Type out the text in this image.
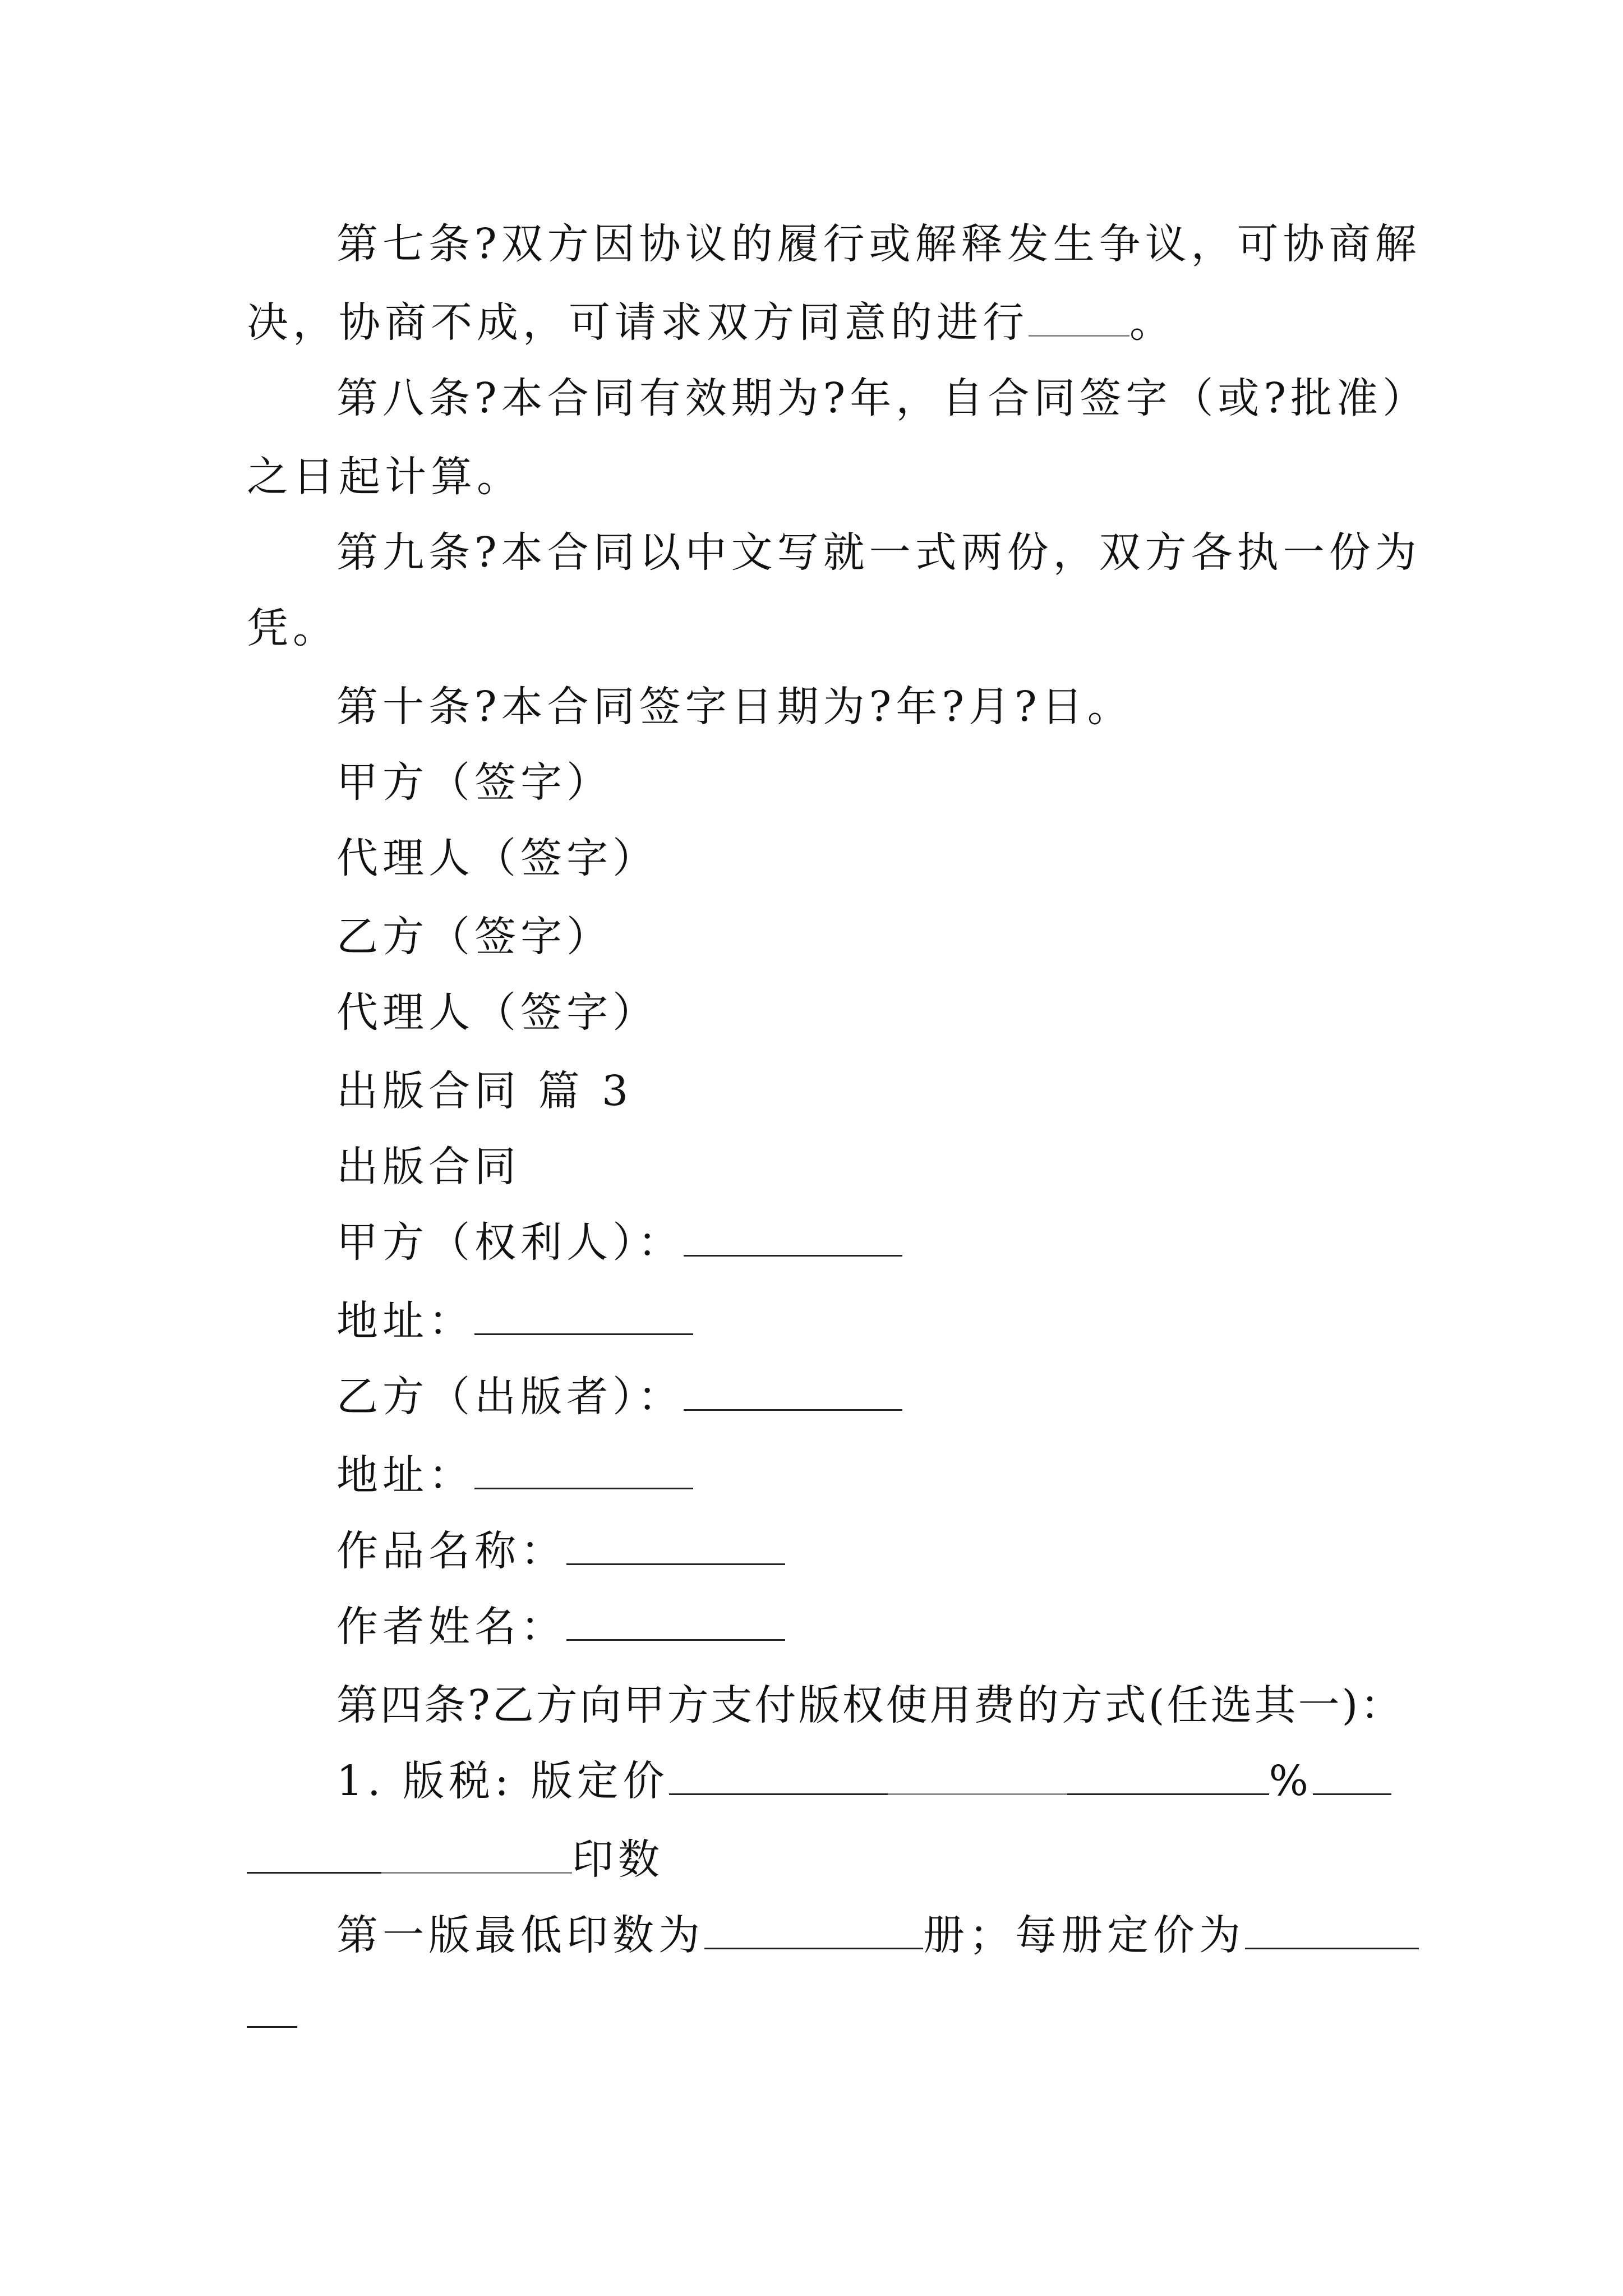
第七条?双方因协议的履行或解释发生争议，可协商解
决，协商不成，可请求双方同意的进行 。
第八条?本合同有效期为?年，自合同签字（或?批准）
之日起计算。
第九条?本合同以中文写就一式两份，双方各执一份为
凭。
第十条?本合同签字日期为?年?月?日。
甲方（签字）
代理人（签字）
乙方（签字）
代理人（签字）
出版合同 篇 3
出版合同
甲方（权利人）：
地址：
乙方（出版者）：
地址：
作品名称：
作者姓名：
第四条?乙方向甲方支付版权使用费的方式(任选其一)：
1. 版税: 版定价	%
印数
第一版最低印数为	册；每册定价为
